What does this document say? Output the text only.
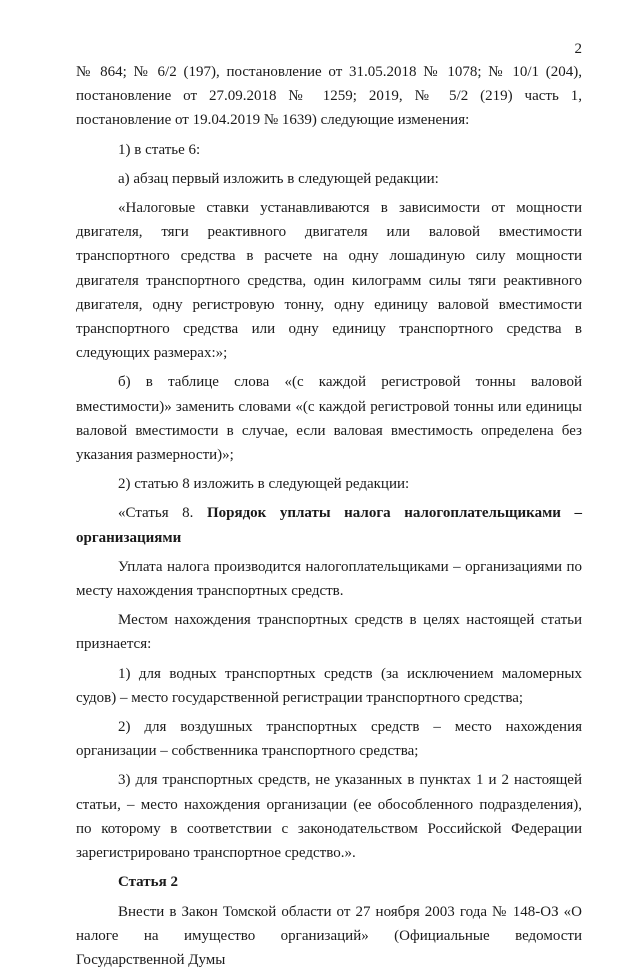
2

№ 864; № 6/2 (197), постановление от 31.05.2018 № 1078; № 10/1 (204), постановление от 27.09.2018 № 1259; 2019, № 5/2 (219) часть 1, постановление от 19.04.2019 № 1639) следующие изменения:

1) в статье 6:

а) абзац первый изложить в следующей редакции:

«Налоговые ставки устанавливаются в зависимости от мощности двигателя, тяги реактивного двигателя или валовой вместимости транспортного средства в расчете на одну лошадиную силу мощности двигателя транспортного средства, один килограмм силы тяги реактивного двигателя, одну регистровую тонну, одну единицу валовой вместимости транспортного средства или одну единицу транспортного средства в следующих размерах:»;

б) в таблице слова «(с каждой регистровой тонны валовой вместимости)» заменить словами «(с каждой регистровой тонны или единицы валовой вместимости в случае, если валовая вместимость определена без указания размерности)»;

2) статью 8 изложить в следующей редакции:

«Статья 8. Порядок уплаты налога налогоплательщиками – организациями

Уплата налога производится налогоплательщиками – организациями по месту нахождения транспортных средств.

Местом нахождения транспортных средств в целях настоящей статьи признается:

1) для водных транспортных средств (за исключением маломерных судов) – место государственной регистрации транспортного средства;

2) для воздушных транспортных средств – место нахождения организации – собственника транспортного средства;

3) для транспортных средств, не указанных в пунктах 1 и 2 настоящей статьи, – место нахождения организации (ее обособленного подразделения), по которому в соответствии с законодательством Российской Федерации зарегистрировано транспортное средство.».

Статья 2

Внести в Закон Томской области от 27 ноября 2003 года № 148-ОЗ «О налоге на имущество организаций» (Официальные ведомости Государственной Думы
